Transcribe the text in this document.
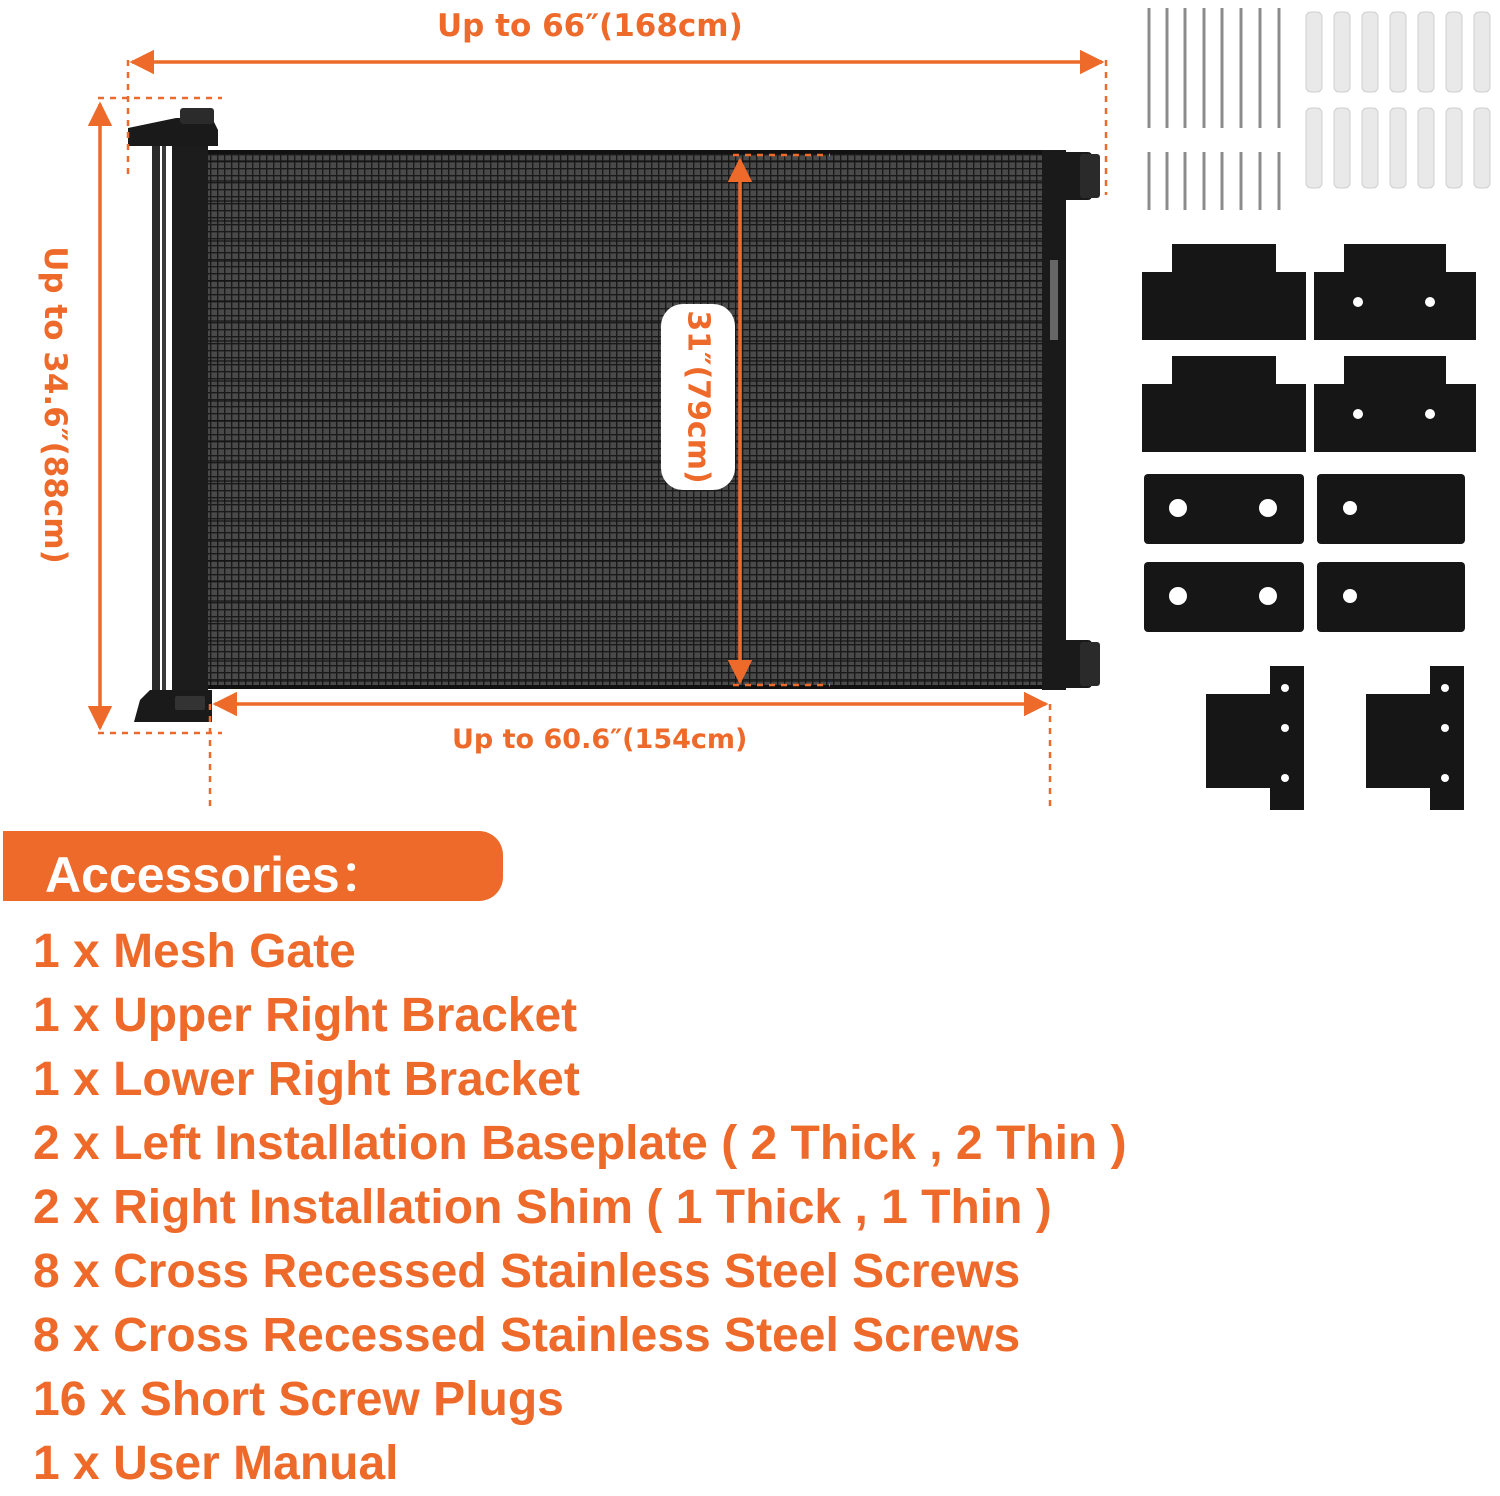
Up to 66″(168cm)
Up to 60.6″(154cm)
Up to 34.6″(88cm)	31″(79cm)
Accessories：
1 x Mesh Gate
1 x Upper Right Bracket
1 x Lower Right Bracket
2 x Left Installation Baseplate ( 2 Thick , 2 Thin )
2 x Right Installation Shim ( 1 Thick , 1 Thin )
8 x Cross Recessed Stainless Steel Screws
8 x Cross Recessed Stainless Steel Screws
16 x Short Screw Plugs
1 x User Manual
